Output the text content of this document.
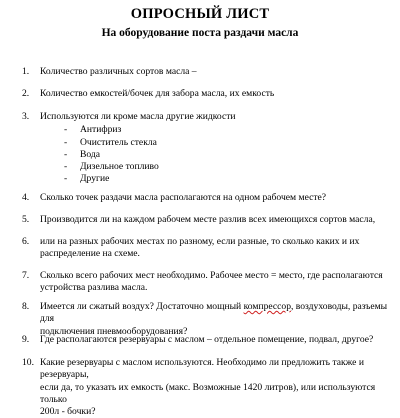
ОПРОСНЫЙ ЛИСТ
На оборудование поста раздачи масла
1.	Количество различных сортов масла –
2.	Количество емкостей/бочек для забора масла, их емкость
3.	Используются ли кроме масла другие жидкости
- Антифриз
- Очиститель стекла
- Вода
- Дизельное топливо
- Другие
4.	Сколько точек раздачи масла располагаются на одном рабочем месте?
5.	Производится ли на каждом рабочем месте разлив всех имеющихся сортов масла,
6.	или на разных рабочих местах по разному, если разные, то сколько каких и их
распределение на схеме.
7.	Сколько всего рабочих мест необходимо. Рабочее место = место, где располагаются
устройства разлива масла.
8.	Имеется ли сжатый воздух? Достаточно мощный компрессор, воздуховоды, разъемы для
подключения пневмооборудования?
9.	Где располагаются резервуары с маслом – отдельное помещение, подвал, другое?
10. Какие резервуары с маслом используются. Необходимо ли предложить также и резервуары,
если да, то указать их емкость (макс. Возможные 1420 литров), или используются только
200л - бочки?
